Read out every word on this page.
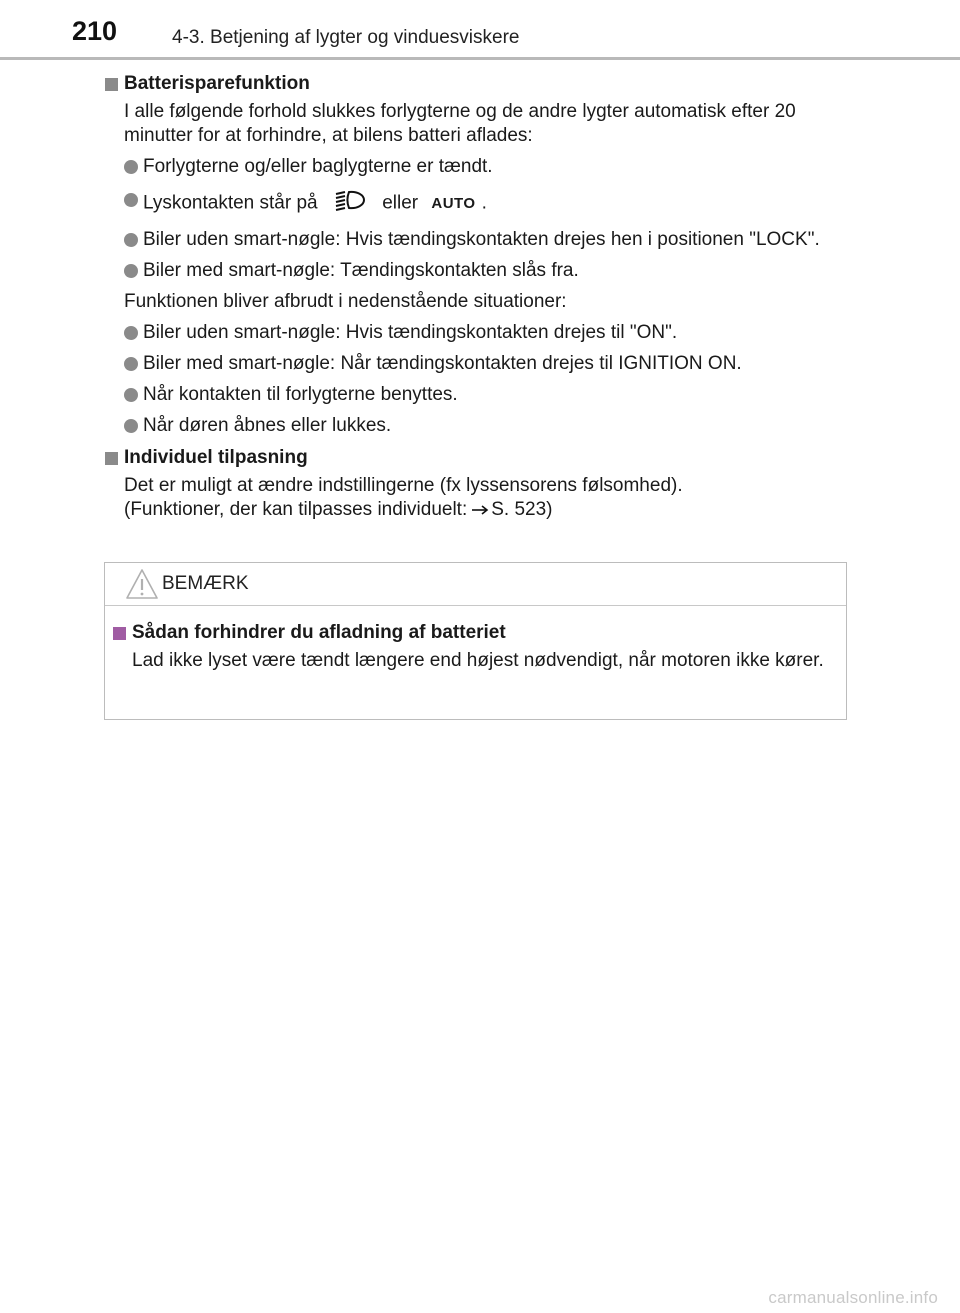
210	4-3. Betjening af lygter og vinduesviskere
Batterisparefunktion
I alle følgende forhold slukkes forlygterne og de andre lygter automatisk efter 20 minutter for at forhindre, at bilens batteri aflades:
Forlygterne og/eller baglygterne er tændt.
Lyskontakten står på	eller AUTO .
Biler uden smart-nøgle: Hvis tændingskontakten drejes hen i positionen "LOCK".
Biler med smart-nøgle: Tændingskontakten slås fra.
Funktionen bliver afbrudt i nedenstående situationer:
Biler uden smart-nøgle: Hvis tændingskontakten drejes til "ON".
Biler med smart-nøgle: Når tændingskontakten drejes til IGNITION ON.
Når kontakten til forlygterne benyttes.
Når døren åbnes eller lukkes.
Individuel tilpasning
Det er muligt at ændre indstillingerne (fx lyssensorens følsomhed).
(Funktioner, der kan tilpasses individuelt: S. 523)
BEMÆRK
Sådan forhindrer du afladning af batteriet
Lad ikke lyset være tændt længere end højest nødvendigt, når motoren ikke kører.
carmanualsonline.info
